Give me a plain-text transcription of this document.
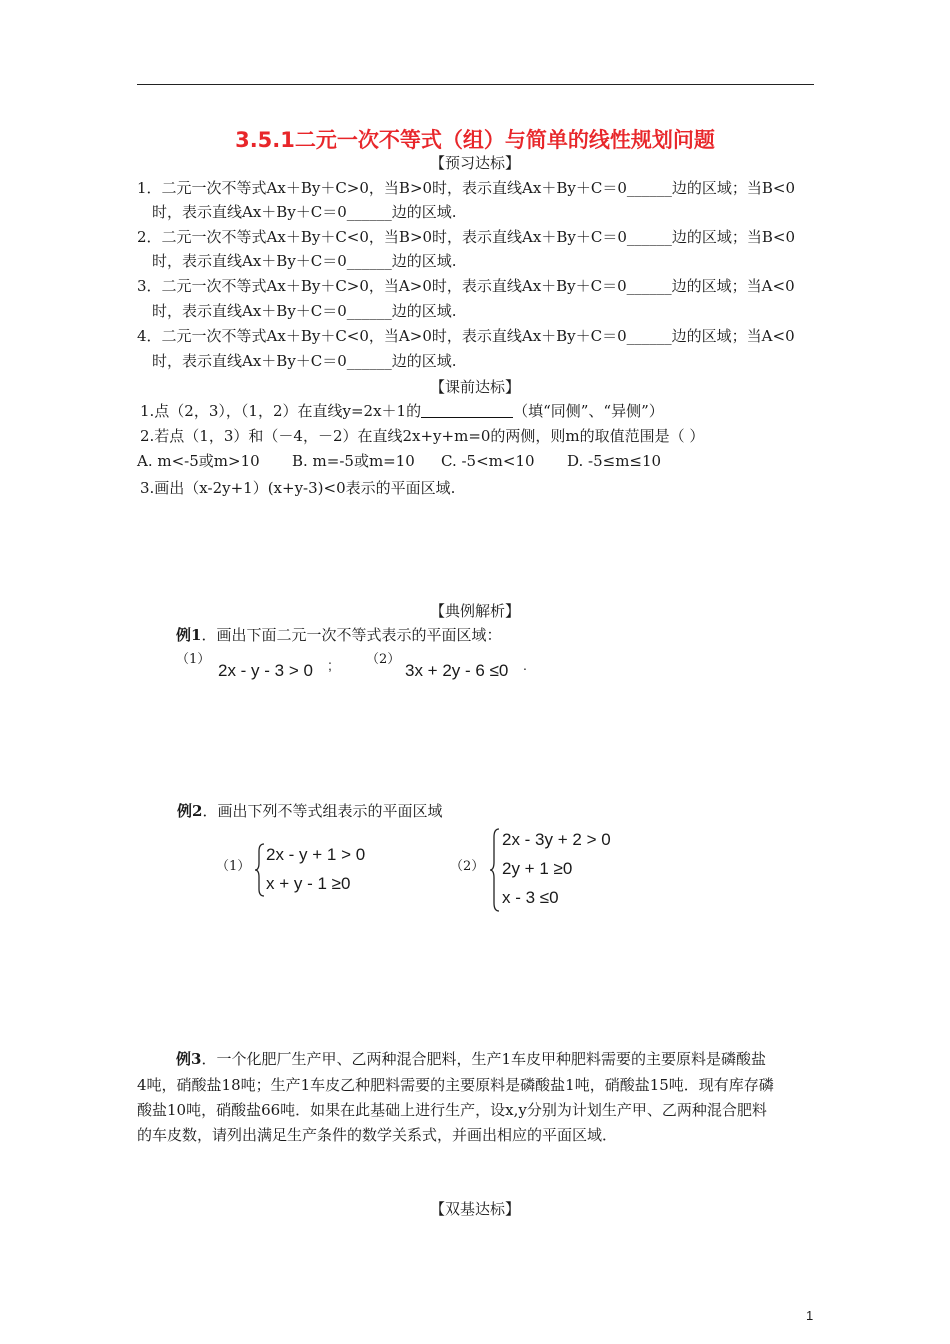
3.5.1二元一次不等式（组）与简单的线性规划问题
【预习达标】
1．二元一次不等式Ax＋By＋C>0，当B>0时，表示直线Ax＋By＋C＝0______边的区域；当B<0
时，表示直线Ax＋By＋C＝0______边的区域.
2．二元一次不等式Ax＋By＋C<0，当B>0时，表示直线Ax＋By＋C＝0______边的区域；当B<0
时，表示直线Ax＋By＋C＝0______边的区域.
3．二元一次不等式Ax＋By＋C>0，当A>0时，表示直线Ax＋By＋C＝0______边的区域；当A<0
时，表示直线Ax＋By＋C＝0______边的区域.
4．二元一次不等式Ax＋By＋C<0，当A>0时，表示直线Ax＋By＋C＝0______边的区域；当A<0
时，表示直线Ax＋By＋C＝0______边的区域.
【课前达标】
1.点（2，3），（1，2）在直线y=2x＋1的	（填“同侧”、“异侧”）
2.若点（1，3）和（－4，－2）在直线2x+y+m=0的两侧，则m的取值范围是（ ）
A. m<-5或m>10 B. m=-5或m=10 C. -5<m<10 D. -5≤m≤10
3.画出（x-2y+1）(x+y-3)<0表示的平面区域.
【典例解析】
例1．画出下面二元一次不等式表示的平面区域：
（1）
2x - y - 3 > 0 ;	（2）
3x + 2y - 6 ≤0 .
例2．画出下列不等式组表示的平面区域
（1）
2x - y + 1 > 0
x + y - 1 ≥0
（2）
2x - 3y + 2 > 0
2y + 1 ≥0
x - 3 ≤0
例3．一个化肥厂生产甲、乙两种混合肥料，生产1车皮甲种肥料需要的主要原料是磷酸盐
4吨，硝酸盐18吨；生产1车皮乙种肥料需要的主要原料是磷酸盐1吨，硝酸盐15吨．现有库存磷
酸盐10吨，硝酸盐66吨．如果在此基础上进行生产，设x,y分别为计划生产甲、乙两种混合肥料
的车皮数，请列出满足生产条件的数学关系式，并画出相应的平面区域．
【双基达标】
1
